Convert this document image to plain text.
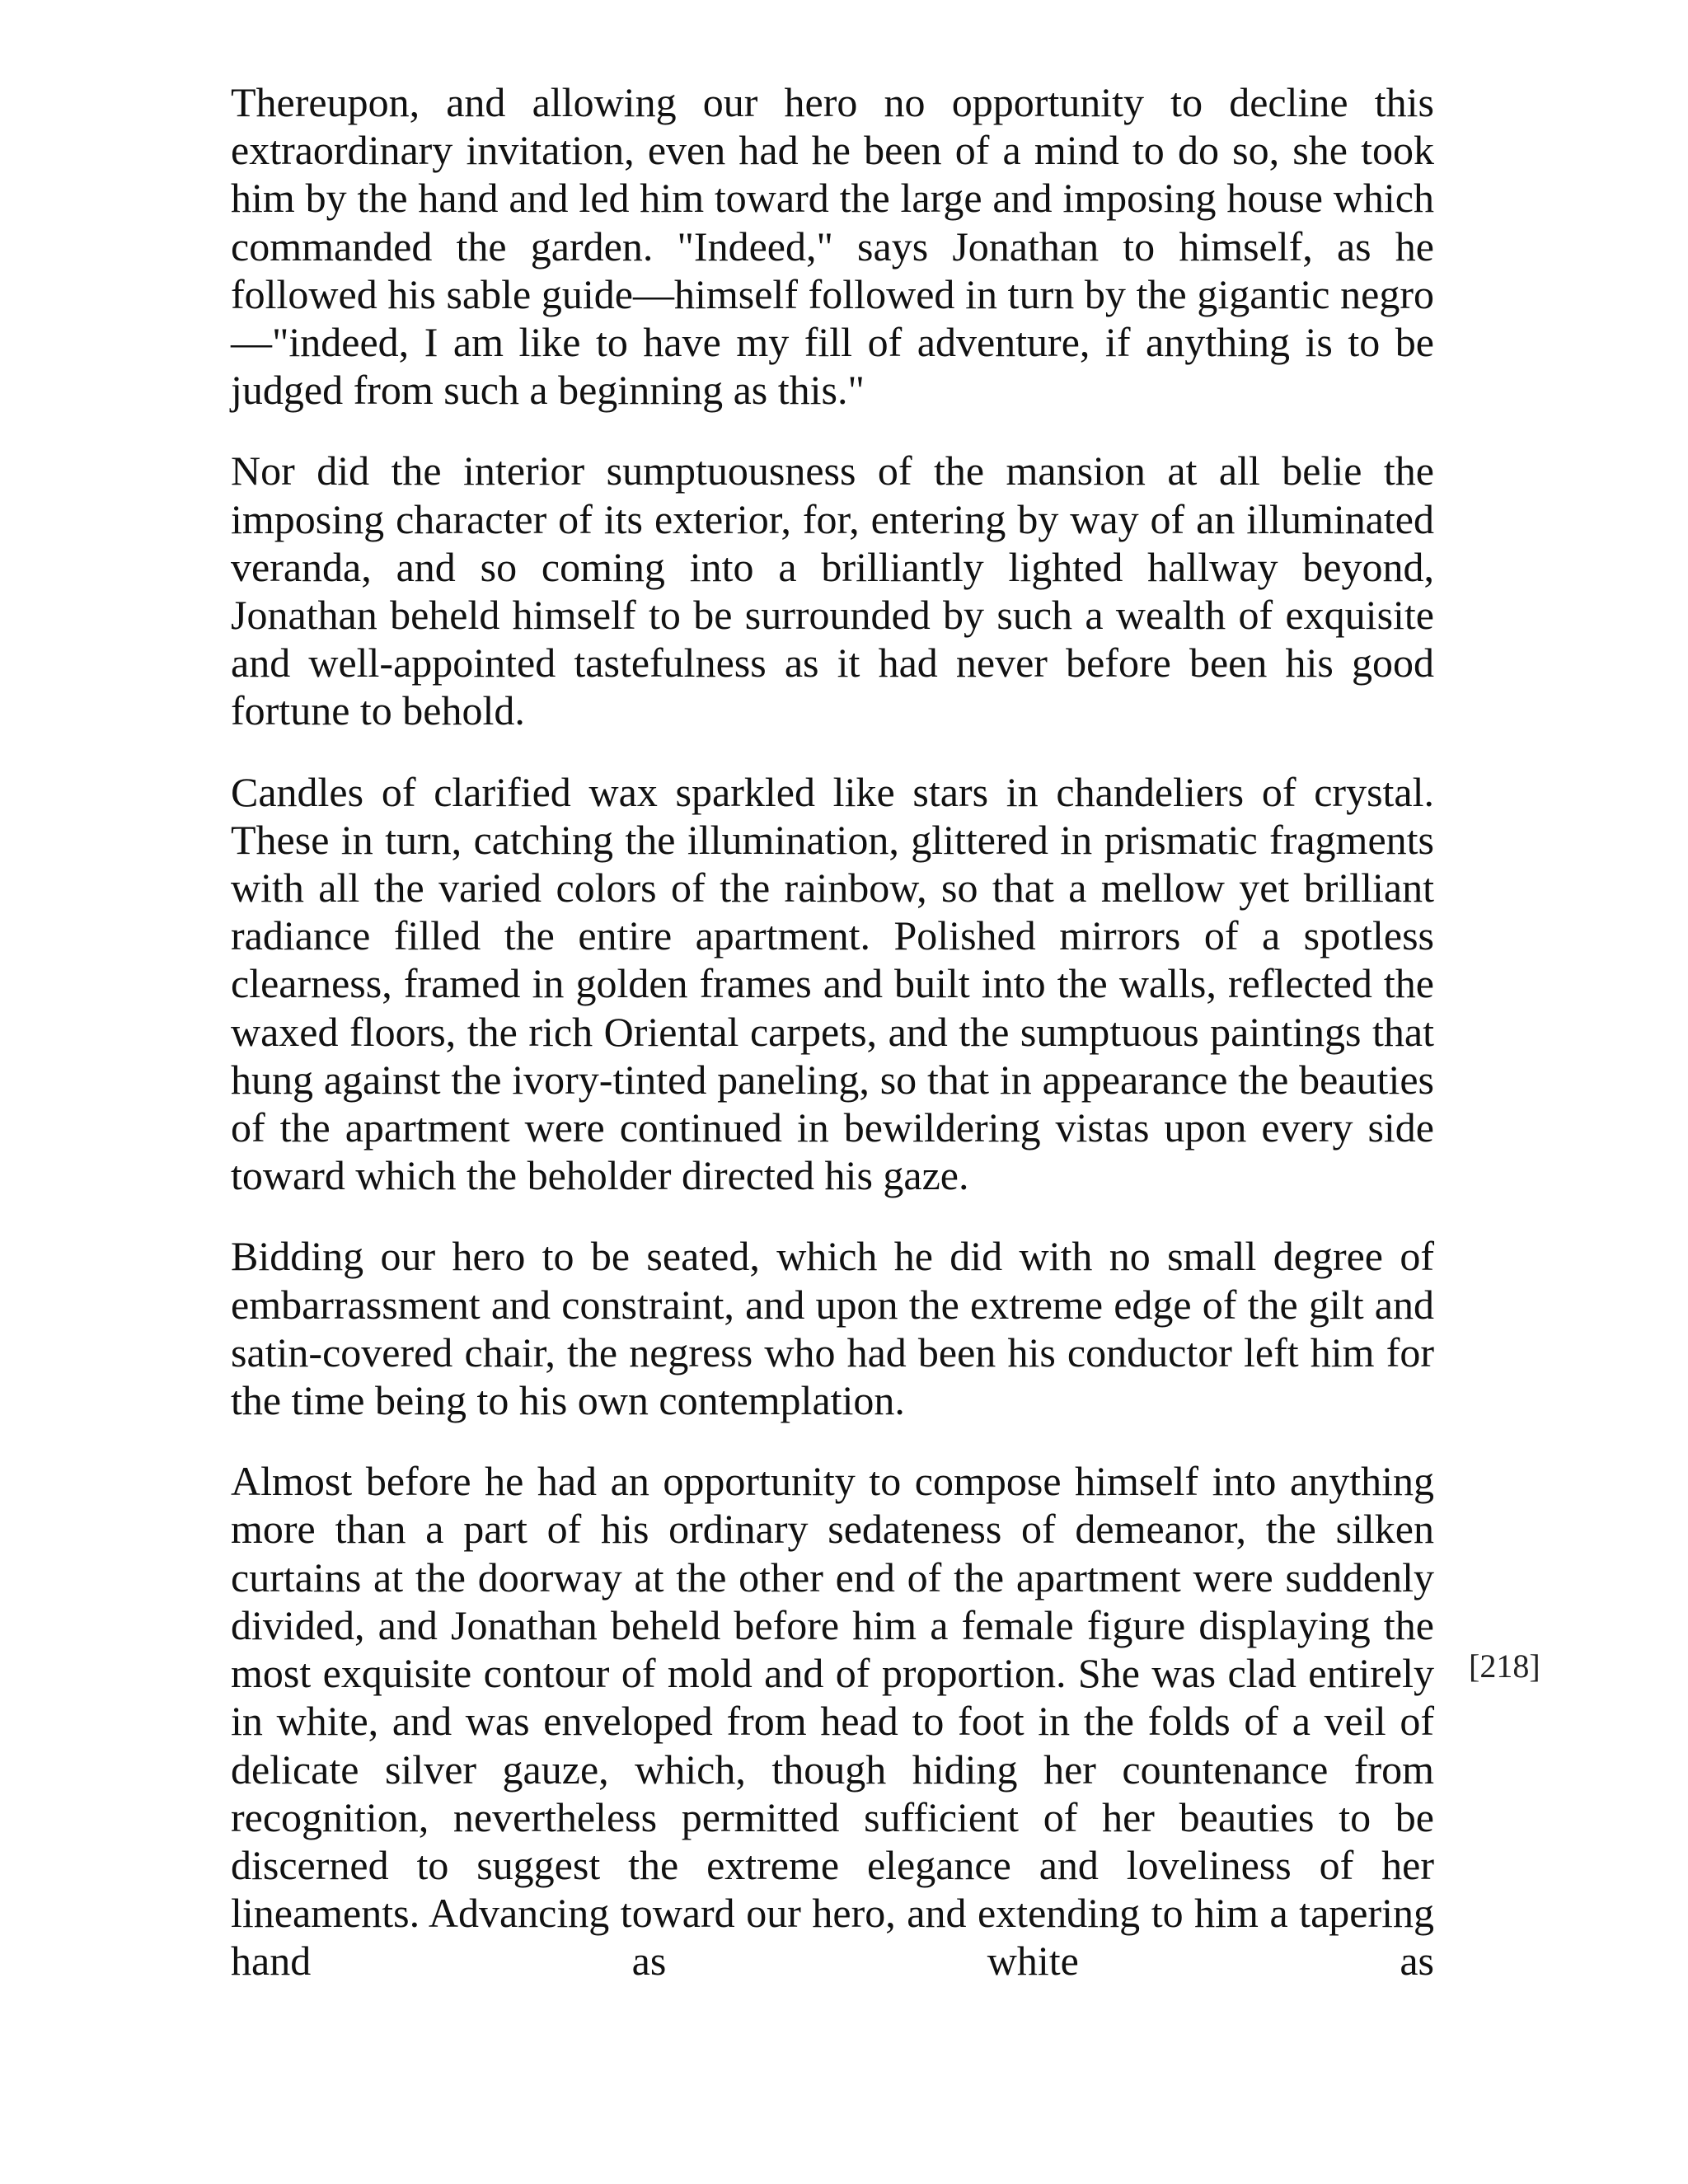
Thereupon, and allowing our hero no opportunity to decline this extraordinary invitation, even had he been of a mind to do so, she took him by the hand and led him toward the large and imposing house which commanded the garden. "Indeed," says Jonathan to himself, as he followed his sable guide—himself followed in turn by the gigantic negro—"indeed, I am like to have my fill of adventure, if anything is to be judged from such a beginning as this."

Nor did the interior sumptuousness of the mansion at all belie the imposing character of its exterior, for, entering by way of an illuminated veranda, and so coming into a brilliantly lighted hallway beyond, Jonathan beheld himself to be surrounded by such a wealth of exquisite and well-appointed tastefulness as it had never before been his good fortune to behold.

Candles of clarified wax sparkled like stars in chandeliers of crystal. These in turn, catching the illumination, glittered in prismatic fragments with all the varied colors of the rainbow, so that a mellow yet brilliant radiance filled the entire apartment. Polished mirrors of a spotless clearness, framed in golden frames and built into the walls, reflected the waxed floors, the rich Oriental carpets, and the sumptuous paintings that hung against the ivory-tinted paneling, so that in appearance the beauties of the apartment were continued in bewildering vistas upon every side toward which the beholder directed his gaze.

Bidding our hero to be seated, which he did with no small degree of embarrassment and constraint, and upon the extreme edge of the gilt and satin-covered chair, the negress who had been his conductor left him for the time being to his own contemplation.

Almost before he had an opportunity to compose himself into anything more than a part of his ordinary sedateness of demeanor, the silken curtains at the doorway at the other end of the apartment were suddenly divided, and Jonathan beheld before him a female figure displaying the most exquisite contour of mold and of proportion. She was clad entirely in white, and was enveloped from head to foot in the folds of a veil of delicate silver gauze, which, though hiding her countenance from recognition, nevertheless permitted sufficient of her beauties to be discerned to suggest the extreme elegance and loveliness of her lineaments. Advancing toward our hero, and extending to him a tapering hand as white as

[218]
